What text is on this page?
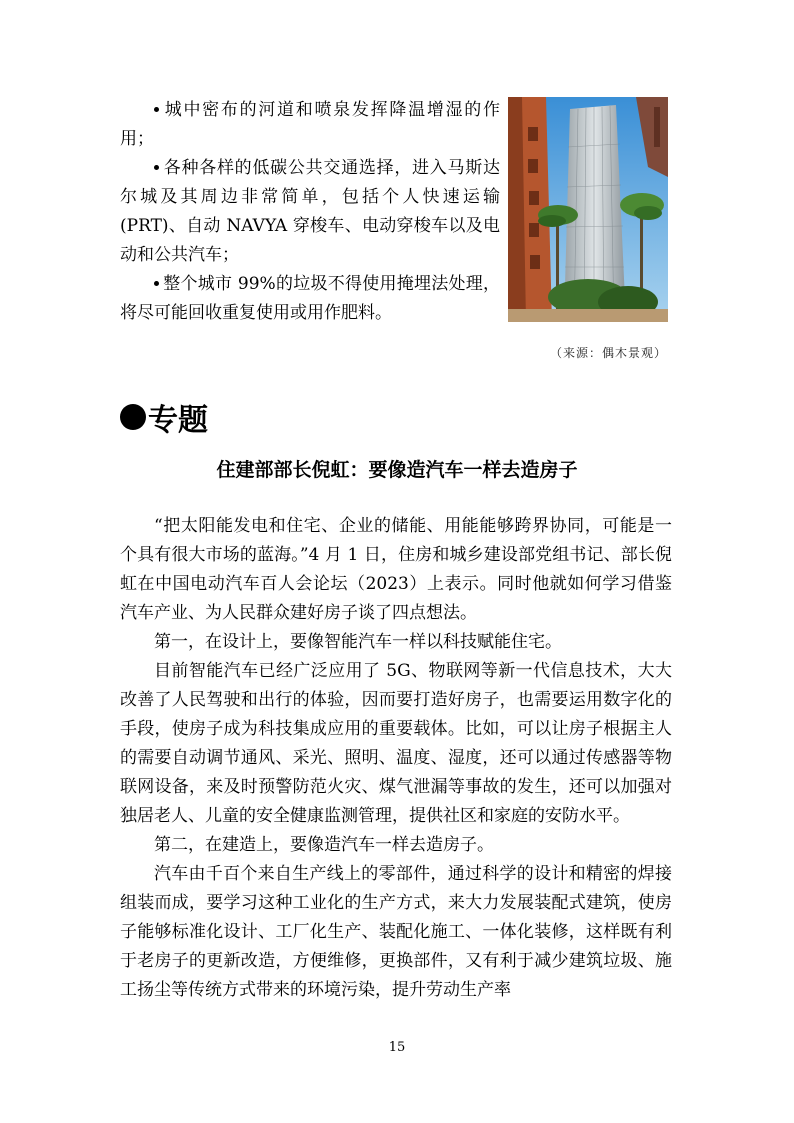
城中密布的河道和喷泉发挥降温增湿的作用；

各种各样的低碳公共交通选择，进入马斯达尔城及其周边非常简单，包括个人快速运输(PRT)、自动 NAVYA 穿梭车、电动穿梭车以及电动和公共汽车；

整个城市 99%的垃圾不得使用掩埋法处理，将尽可能回收重复使用或用作肥料。

（来源：偶木景观）
专题
住建部部长倪虹：要像造汽车一样去造房子

“把太阳能发电和住宅、企业的储能、用能能够跨界协同，可能是一个具有很大市场的蓝海。”4 月 1 日，住房和城乡建设部党组书记、部长倪虹在中国电动汽车百人会论坛（2023）上表示。同时他就如何学习借鉴汽车产业、为人民群众建好房子谈了四点想法。

第一，在设计上，要像智能汽车一样以科技赋能住宅。

目前智能汽车已经广泛应用了 5G、物联网等新一代信息技术，大大改善了人民驾驶和出行的体验，因而要打造好房子，也需要运用数字化的手段，使房子成为科技集成应用的重要载体。比如，可以让房子根据主人的需要自动调节通风、采光、照明、温度、湿度，还可以通过传感器等物联网设备，来及时预警防范火灾、煤气泄漏等事故的发生，还可以加强对独居老人、儿童的安全健康监测管理，提供社区和家庭的安防水平。

第二，在建造上，要像造汽车一样去造房子。

汽车由千百个来自生产线上的零部件，通过科学的设计和精密的焊接组装而成，要学习这种工业化的生产方式，来大力发展装配式建筑，使房子能够标准化设计、工厂化生产、装配化施工、一体化装修，这样既有利于老房子的更新改造，方便维修，更换部件，又有利于减少建筑垃圾、施工扬尘等传统方式带来的环境污染，提升劳动生产率

15
